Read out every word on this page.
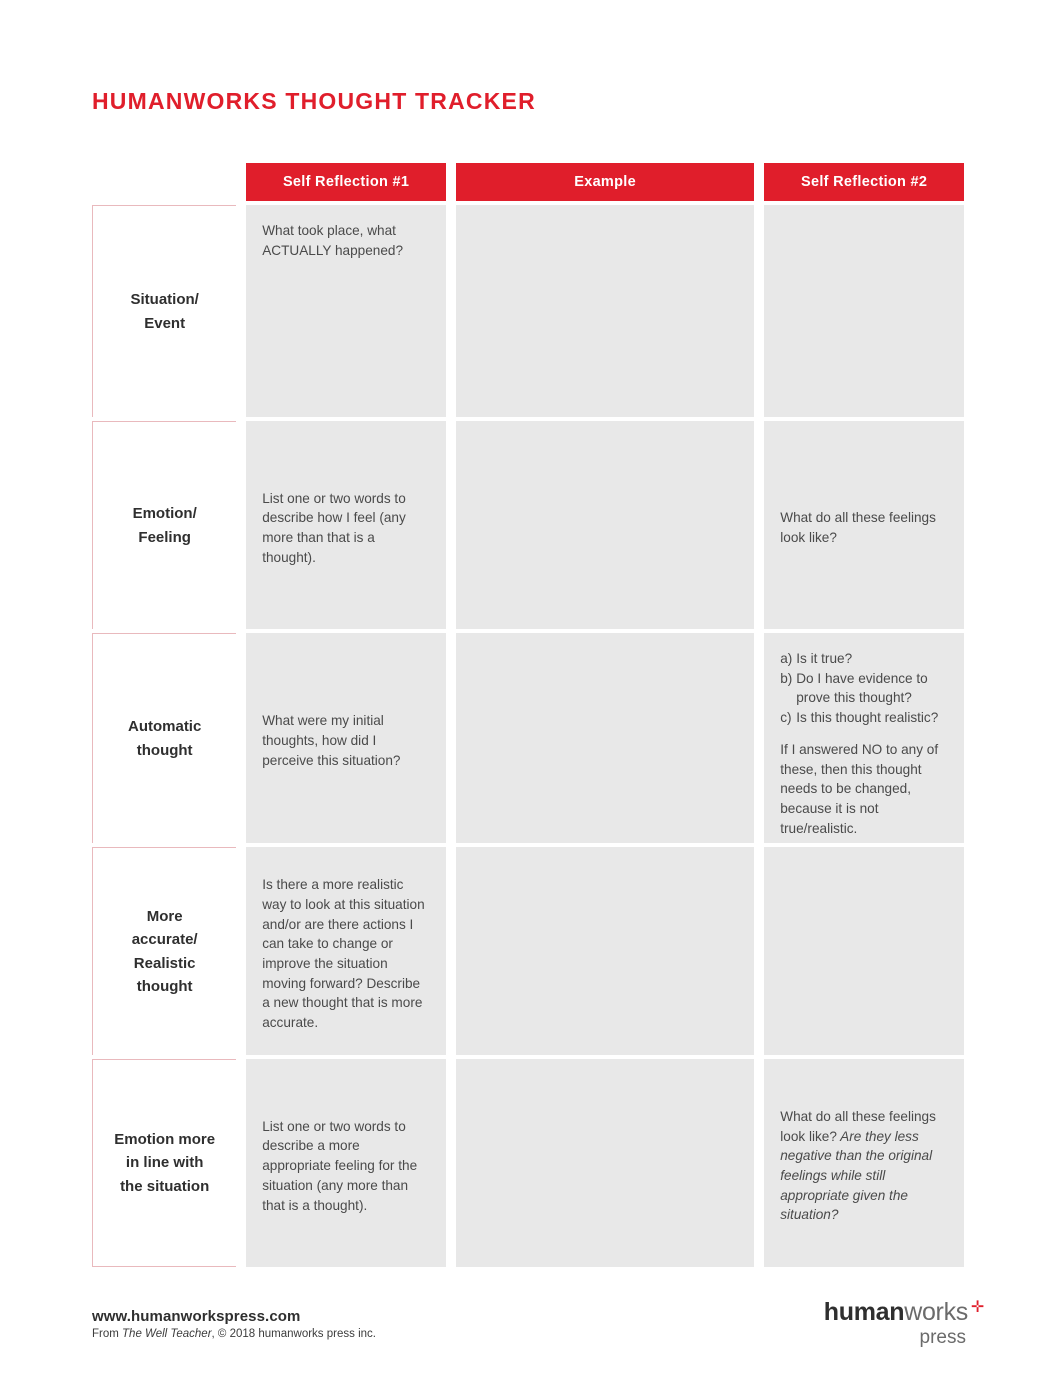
HUMANWORKS THOUGHT TRACKER
Self Reflection #1	Example	Self Reflection #2
Situation/
Event

What took place, what ACTUALLY happened?

Emotion/
Feeling

List one or two words to describe how I feel (any more than that is a thought).

What do all these feelings look like?

Automatic
thought

What were my initial thoughts, how did I perceive this situation?

a) Is it true?
b) Do I have evidence to prove this thought?
c) Is this thought realistic?

If I answered NO to any of these, then this thought needs to be changed, because it is not true/realistic.

More
accurate/
Realistic
thought

Is there a more realistic way to look at this situation and/or are there actions I can take to change or improve the situation moving forward? Describe a new thought that is more accurate.

Emotion more
in line with
the situation

List one or two words to describe a more appropriate feeling for the situation (any more than that is a thought).

What do all these feelings look like? Are they less negative than the original feelings while still appropriate given the situation?

www.humanworkspress.com
From The Well Teacher, © 2018 humanworks press inc.
humanworks ✛
press
